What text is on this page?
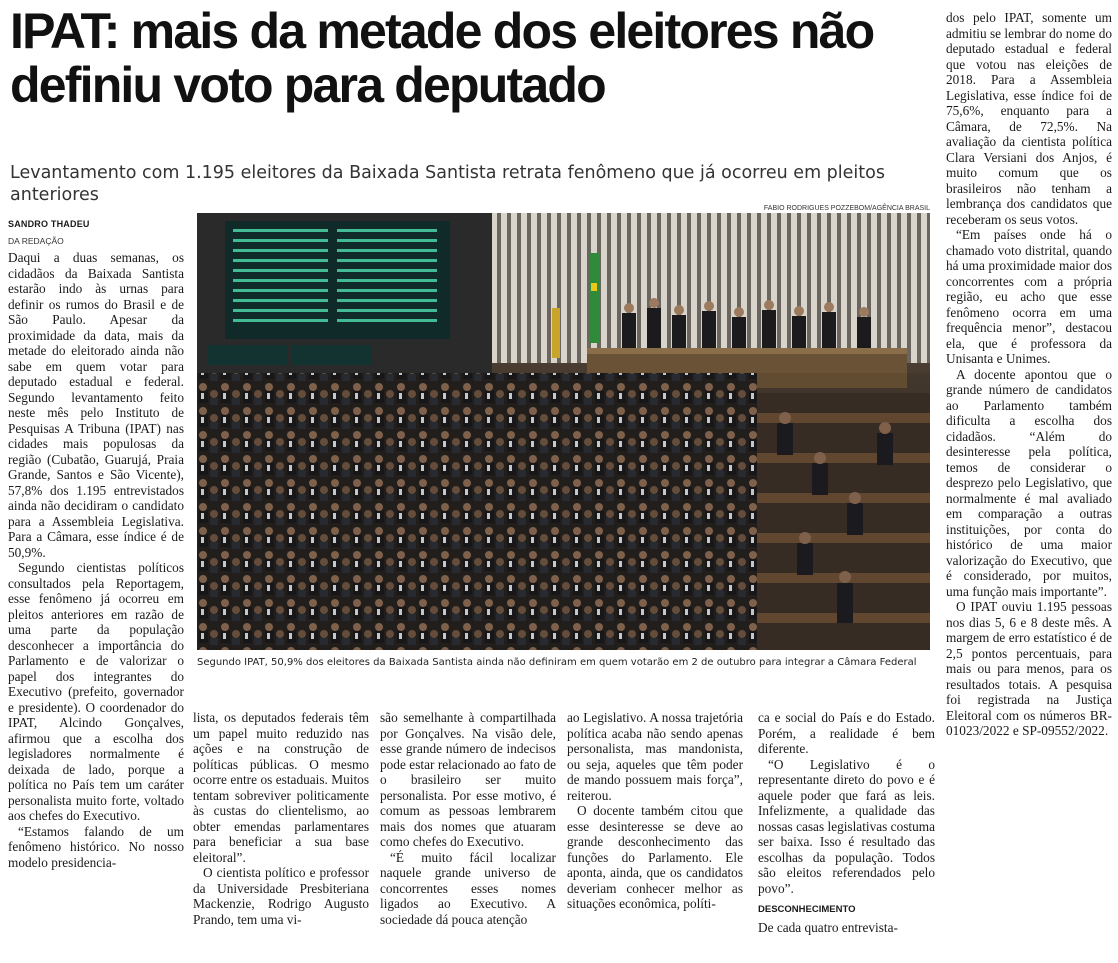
IPAT: mais da metade dos eleitores não definiu voto para deputado

Levantamento com 1.195 eleitores da Baixada Santista retrata fenômeno que já ocorreu em pleitos anteriores

SANDRO THADEU
DA REDAÇÃO
FABIO RODRIGUES POZZEBOM/AGÊNCIA BRASIL

Segundo IPAT, 50,9% dos eleitores da Baixada Santista ainda não definiram em quem votarão em 2 de outubro para integrar a Câmara Federal

Daqui a duas semanas, os cidadãos da Baixada Santista estarão indo às urnas para definir os rumos do Brasil e de São Paulo. Apesar da proximidade da data, mais da metade do eleitorado ainda não sabe em quem votar para deputado estadual e federal. Segundo levantamento feito neste mês pelo Instituto de Pesquisas A Tribuna (IPAT) nas cidades mais populosas da região (Cubatão, Guarujá, Praia Grande, Santos e São Vicente), 57,8% dos 1.195 entrevistados ainda não decidiram o candidato para a Assembleia Legislativa. Para a Câmara, esse índice é de 50,9%.

Segundo cientistas políticos consultados pela Reportagem, esse fenômeno já ocorreu em pleitos anteriores em razão de uma parte da população desconhecer a importância do Parlamento e de valorizar o papel dos integrantes do Executivo (prefeito, governador e presidente). O coordenador do IPAT, Alcindo Gonçalves, afirmou que a escolha dos legisladores normalmente é deixada de lado, porque a política no País tem um caráter personalista muito forte, voltado aos chefes do Executivo.

“Estamos falando de um fenômeno histórico. No nosso modelo presidencia-

lista, os deputados federais têm um papel muito reduzido nas ações e na construção de políticas públicas. O mesmo ocorre entre os estaduais. Muitos tentam sobreviver politicamente às custas do clientelismo, ao obter emendas parlamentares para beneficiar a sua base eleitoral”.

O cientista político e professor da Universidade Presbiteriana Mackenzie, Rodrigo Augusto Prando, tem uma vi-

são semelhante à compartilhada por Gonçalves. Na visão dele, esse grande número de indecisos pode estar relacionado ao fato de o brasileiro ser muito personalista. Por esse motivo, é comum as pessoas lembrarem mais dos nomes que atuaram como chefes do Executivo.

“É muito fácil localizar naquele grande universo de concorrentes esses nomes ligados ao Executivo. A sociedade dá pouca atenção

ao Legislativo. A nossa trajetória política acaba não sendo apenas personalista, mas mandonista, ou seja, aqueles que têm poder de mando possuem mais força”, reiterou.

O docente também citou que esse desinteresse se deve ao grande desconhecimento das funções do Parlamento. Ele aponta, ainda, que os candidatos deveriam conhecer melhor as situações econômica, políti-

ca e social do País e do Estado. Porém, a realidade é bem diferente.

“O Legislativo é o representante direto do povo e é aquele poder que fará as leis. Infelizmente, a qualidade das nossas casas legislativas costuma ser baixa. Isso é resultado das escolhas da população. Todos são eleitos referendados pelo povo”.

DESCONHECIMENTO

De cada quatro entrevista-

dos pelo IPAT, somente um admitiu se lembrar do nome do deputado estadual e federal que votou nas eleições de 2018. Para a Assembleia Legislativa, esse índice foi de 75,6%, enquanto para a Câmara, de 72,5%. Na avaliação da cientista política Clara Versiani dos Anjos, é muito comum que os brasileiros não tenham a lembrança dos candidatos que receberam os seus votos.

“Em países onde há o chamado voto distrital, quando há uma proximidade maior dos concorrentes com a própria região, eu acho que esse fenômeno ocorra em uma frequência menor”, destacou ela, que é professora da Unisanta e Unimes.

A docente apontou que o grande número de candidatos ao Parlamento também dificulta a escolha dos cidadãos. “Além do desinteresse pela política, temos de considerar o desprezo pelo Legislativo, que normalmente é mal avaliado em comparação a outras instituições, por conta do histórico de uma maior valorização do Executivo, que é considerado, por muitos, uma função mais importante”.

O IPAT ouviu 1.195 pessoas nos dias 5, 6 e 8 deste mês. A margem de erro estatístico é de 2,5 pontos percentuais, para mais ou para menos, para os resultados totais. A pesquisa foi registrada na Justiça Eleitoral com os números BR-01023/2022 e SP-09552/2022.
